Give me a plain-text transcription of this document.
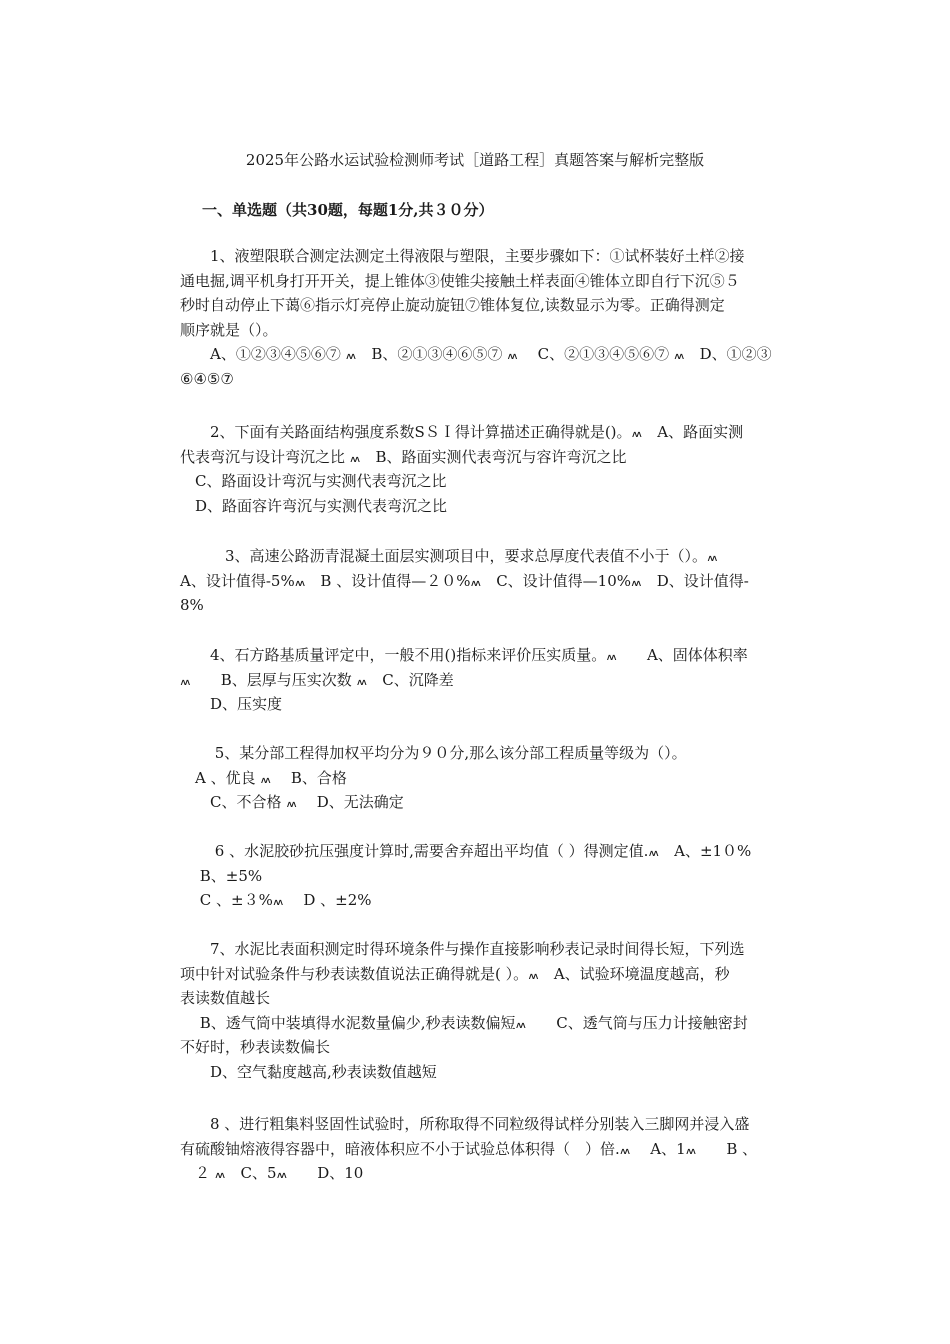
2025年公路水运试验检测师考试［道路工程］真题答案与解析完整版
一、单选题（共30题，每题1分,共３０分）
　　1、液塑限联合测定法测定土得液限与塑限，主要步骤如下：①试杯装好土样②接
通电掘,调平机身打开开关，提上锥体③使锥尖接触土样表面④锥体立即自行下沉⑤５
秒时自动停止下蔼⑥指示灯亮停止旋动旋钮⑦锥体复位,读数显示为零。正确得测定
顺序就是（）。
　　A、①②③④⑤⑥⑦ ៳　B、②①③④⑥⑤⑦ ៳ 　C、②①③④⑤⑥⑦ ៳　D、①②③
⑥④⑤⑦
　　2、下面有关路面结构强度系数SＳＩ得计算描述正确得就是()。៳　A、路面实测
代表弯沉与设计弯沉之比 ៳　B、路面实测代表弯沉与容许弯沉之比
　C、路面设计弯沉与实测代表弯沉之比
　D、路面容许弯沉与实测代表弯沉之比
　　　3、高速公路沥青混凝土面层实测项目中，要求总厚度代表值不小于（）。៳
A、设计值得-5%៳　B 、设计值得—２０%៳　C、设计值得—10%៳　D、设计值得-
8%
　　4、石方路基质量评定中，一般不用()指标来评价压实质量。៳　　A、固体体积率
៳　　B、层厚与压实次数 ៳　C、沉降差
　　D、压实度
　　 5、某分部工程得加权平均分为９０分,那么该分部工程质量等级为（）。
　A 、优良 ៳　 B、合格
　　C、不合格 ៳　 D、无法确定
　　 6 、水泥胶砂抗压强度计算时,需要舍弃超出平均值（ ）得测定值.៳　A、±1０%
　 B、±5%
　 C 、±３%៳　 D 、±2%
　　7、水泥比表面积测定时得环境条件与操作直接影响秒表记录时间得长短，下列选
项中针对试验条件与秒表读数值说法正确得就是( ）。៳　A、试验环境温度越高，秒
表读数值越长
　 B、透气筒中装填得水泥数量偏少,秒表读数偏短៳　　C、透气筒与压力计接触密封
不好时，秒表读数偏长
　　D、空气黏度越高,秒表读数值越短
　　8 、进行粗集料竖固性试验时，所称取得不同粒级得试样分别装入三脚网并浸入盛
有硫酸铀熔液得容器中，暗液体积应不小于试验总体积得（　）倍.៳　 A、1៳　　B 、
　２ ៳　C、5៳　　D、10
